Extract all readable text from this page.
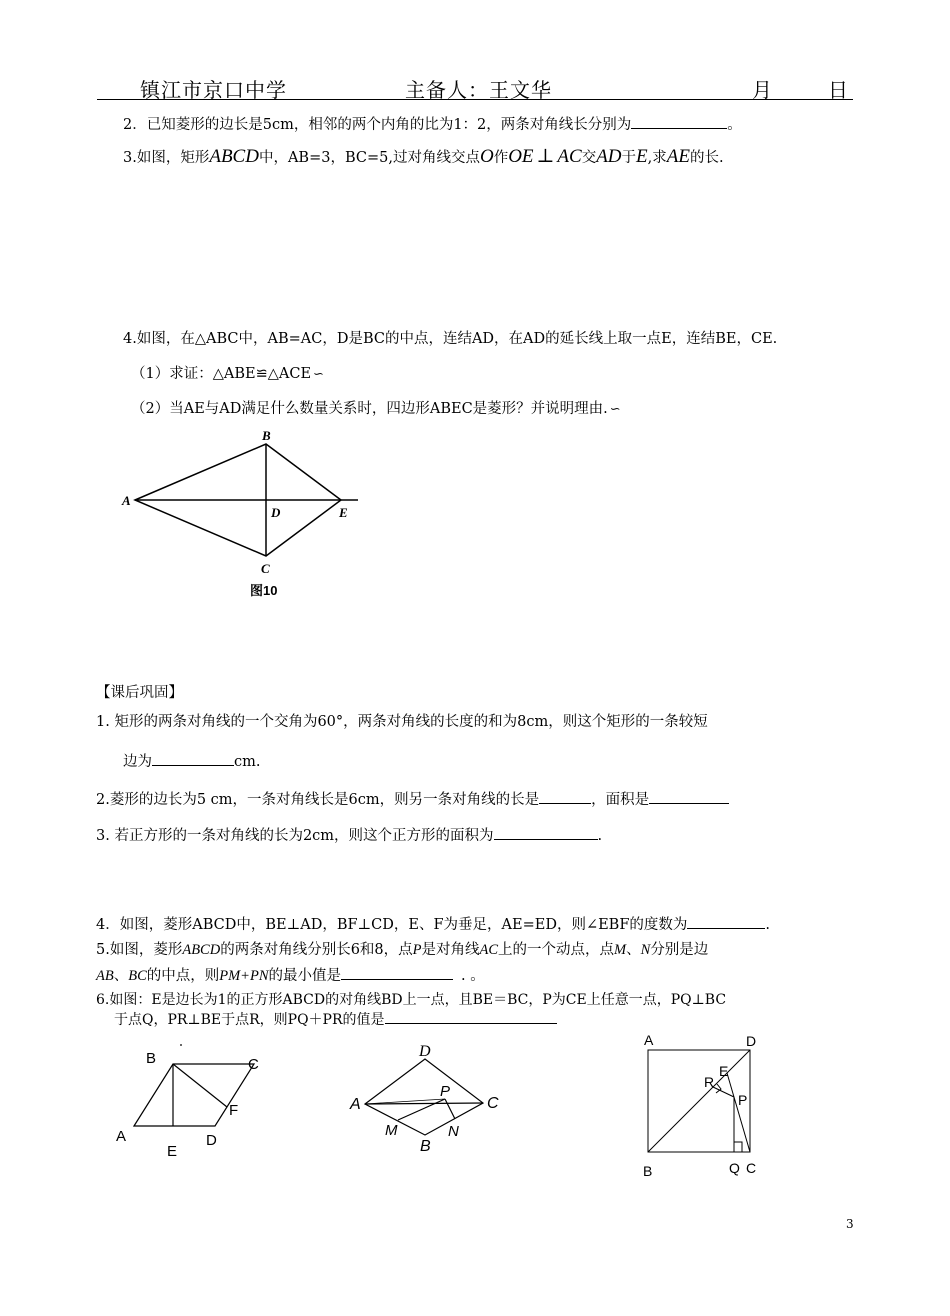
镇江市京口中学	主备人：王文华	月	日
2．已知菱形的边长是5cm，相邻的两个内角的比为1：2，两条对角线长分别为	。
3.如图，矩形ABCD中，AB=3，BC=5,过对角线交点O作OE ⊥ AC交AD于E,求AE的长.
4.如图，在△ABC中，AB=AC，D是BC的中点，连结AD，在AD的延长线上取一点E，连结BE，CE.
（1）求证：△ABE≌△ACE ∽
（2）当AE与AD满足什么数量关系时，四边形ABEC是菱形？并说明理由. ∽
B
A
D	E
C
图10
【课后巩固】
1. 矩形的两条对角线的一个交角为60°，两条对角线的长度的和为8cm，则这个矩形的一条较短
边为	cm.
2.菱形的边长为5 cm，一条对角线长是6cm，则另一条对角线的长是	，面积是
3. 若正方形的一条对角线的长为2cm，则这个正方形的面积为	.
4．如图，菱形ABCD中，BE⊥AD，BF⊥CD，E、F为垂足，AE=ED，则∠EBF的度数为	.
5.如图，菱形ABCD的两条对角线分别长6和8，点P是对角线AC上的一个动点，点M、N分别是边
AB、BC的中点，则PM+PN的最小值是	. 。
6.如图：E是边长为1的正方形ABCD的对角线BD上一点，且BE＝BC，P为CE上任意一点，PQ⊥BC
于点Q，PR⊥BE于点R，则PQ＋PR的值是
B	C
F
A
E
D
D
P
A	C
M	N
B
A	D
E
R
P
B	Q C
3
